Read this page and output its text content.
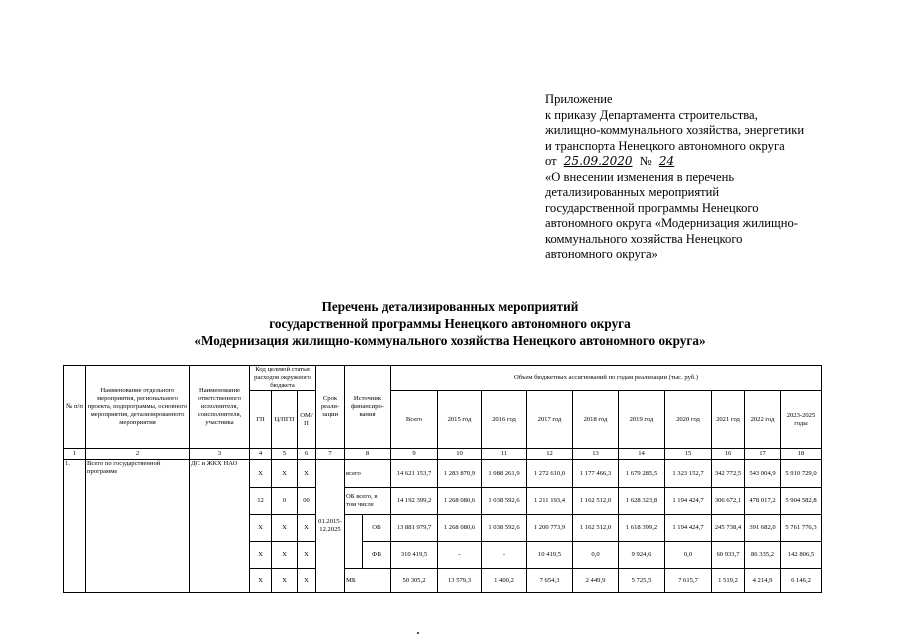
Приложение
к приказу Департамента строительства,
жилищно-коммунального хозяйства, энергетики
и транспорта Ненецкого автономного округа
от 25.09.2020 № 24
«О внесении изменения в перечень
детализированных мероприятий
государственной программы Ненецкого
автономного округа «Модернизация жилищно-
коммунального хозяйства Ненецкого
автономного округа»
Перечень детализированных мероприятий
государственной программы Ненецкого автономного округа
«Модернизация жилищно-коммунального хозяйства Ненецкого автономного округа»
№ п/п	Наименование отдельного мероприятия, регионального проекта, подпрограммы, основного мероприятия, детализированного мероприятия	Наименование ответственного исполнителя, соисполнителя, участника	Код целевой статьи расходов окружного бюджета			Срок реали-зации	Источник финансиро-вания		Объем бюджетных ассигнований по годам реализации (тыс. руб.)									
			ГП	Ц/ПГП	ОМ/П				Всего	2015 год	2016 год	2017 год	2018 год	2019 год	2020 год	2021 год	2022 год	2023-2025 годы
1	2	3	4	5	6	7	8		9	10	11	12	13	14	15	16	17	18
1.	Всего по государственной программе	ДС и ЖКХ НАО	Х	Х	Х	01.2015-12.2025	всего		14 621 153,7	1 283 870,9	1 088 261,9	1 272 610,0	1 177 466,3	1 679 285,5	1 323 152,7	342 772,5	543 004,9	5 910 729,0
			12	0	00		ОБ всего, в том числе		14 192 399,2	1 268 080,6	1 038 592,6	1 211 193,4	1 162 512,0	1 628 323,8	1 194 424,7	306 672,1	478 017,2	5 904 582,8
			Х	Х	Х			ОБ	13 881 979,7	1 268 080,6	1 038 592,6	1 200 773,9	1 162 512,0	1 618 399,2	1 194 424,7	245 738,4	391 682,0	5 761 776,3
			Х	Х	Х			ФБ	310 419,5	-	-	10 419,5	0,0	9 924,6	0,0	60 933,7	86 335,2	142 806,5
			Х	Х	Х		МБ		50 305,2	13 579,3	1 400,2	7 654,3	2 449,9	5 725,5	7 615,7	1 519,2	4 214,9	6 146,2
